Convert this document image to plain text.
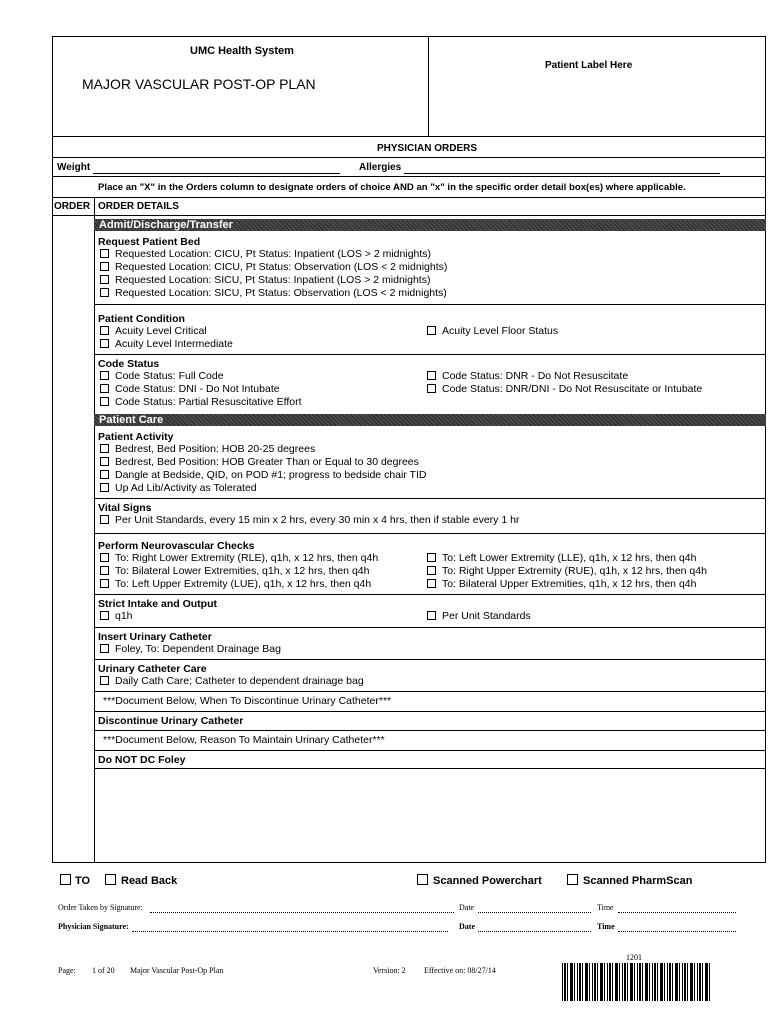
UMC Health System
MAJOR VASCULAR POST-OP PLAN
Patient Label Here
PHYSICIAN ORDERS
Weight	Allergies
Place an "X" in the Orders column to designate orders of choice AND an "x" in the specific order detail box(es) where applicable.
ORDER ORDER DETAILS
Admit/Discharge/Transfer
Request Patient Bed
Requested Location: CICU, Pt Status: Inpatient (LOS > 2 midnights)
Requested Location: CICU, Pt Status: Observation (LOS < 2 midnights)
Requested Location: SICU, Pt Status: Inpatient (LOS > 2 midnights)
Requested Location: SICU, Pt Status: Observation (LOS < 2 midnights)
Patient Condition
Acuity Level Critical
Acuity Level Intermediate
Acuity Level Floor Status
Code Status
Code Status: Full Code
Code Status: DNI - Do Not Intubate
Code Status: Partial Resuscitative Effort
Code Status: DNR - Do Not Resuscitate
Code Status: DNR/DNI - Do Not Resuscitate or Intubate
Patient Care
Patient Activity
Bedrest, Bed Position: HOB 20-25 degrees
Bedrest, Bed Position: HOB Greater Than or Equal to 30 degrees
Dangle at Bedside, QID, on POD #1; progress to bedside chair TID
Up Ad Lib/Activity as Tolerated
Vital Signs
Per Unit Standards, every 15 min x 2 hrs, every 30 min x 4 hrs, then if stable every 1 hr
Perform Neurovascular Checks
To: Right Lower Extremity (RLE), q1h, x 12 hrs, then q4h
To: Bilateral Lower Extremities, q1h, x 12 hrs, then q4h
To: Left Upper Extremity (LUE), q1h, x 12 hrs, then q4h
To: Left Lower Extremity (LLE), q1h, x 12 hrs, then q4h
To: Right Upper Extremity (RUE), q1h, x 12 hrs, then q4h
To: Bilateral Upper Extremities, q1h, x 12 hrs, then q4h
Strict Intake and Output
q1h	Per Unit Standards
Insert Urinary Catheter
Foley, To: Dependent Drainage Bag
Urinary Catheter Care
Daily Cath Care; Catheter to dependent drainage bag
***Document Below, When To Discontinue Urinary Catheter***
Discontinue Urinary Catheter
***Document Below, Reason To Maintain Urinary Catheter***
Do NOT DC Foley
TO	Read Back	Scanned Powerchart	Scanned PharmScan
Order Taken by Signature:	Date	Time
Physician Signature:	Date	Time
Page: 1 of 20 Major Vascular Post-Op Plan	Version: 2 Effective on: 08/27/14
1201
